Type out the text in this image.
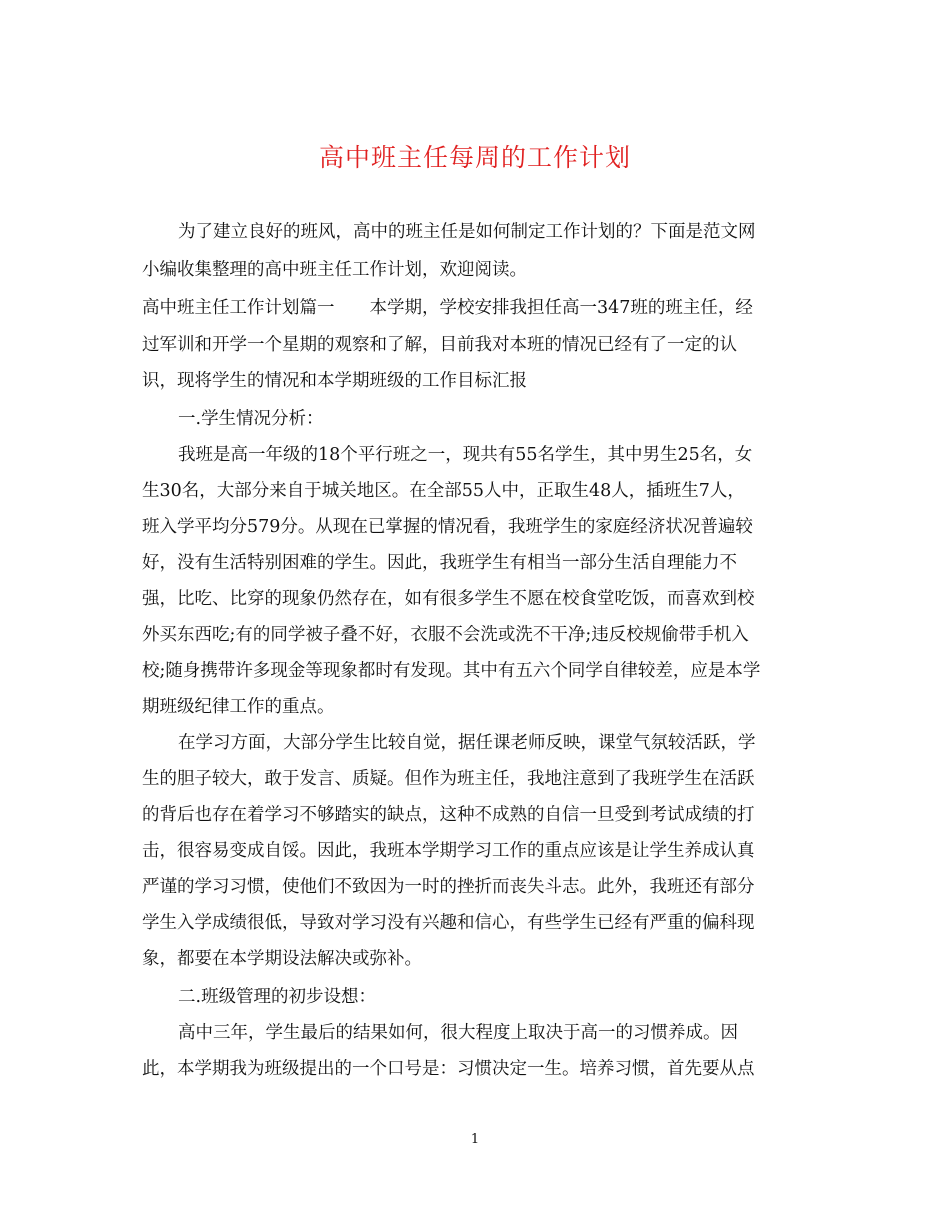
高中班主任每周的工作计划
为了建立良好的班风，高中的班主任是如何制定工作计划的？下面是范文网
小编收集整理的高中班主任工作计划，欢迎阅读。
高中班主任工作计划篇一　　本学期，学校安排我担任高一347班的班主任，经
过军训和开学一个星期的观察和了解，目前我对本班的情况已经有了一定的认
识，现将学生的情况和本学期班级的工作目标汇报
一.学生情况分析：
我班是高一年级的18个平行班之一，现共有55名学生，其中男生25名，女
生30名，大部分来自于城关地区。在全部55人中，正取生48人，插班生7人，
班入学平均分579分。从现在已掌握的情况看，我班学生的家庭经济状况普遍较
好，没有生活特别困难的学生。因此，我班学生有相当一部分生活自理能力不
强，比吃、比穿的现象仍然存在，如有很多学生不愿在校食堂吃饭，而喜欢到校
外买东西吃;有的同学被子叠不好，衣服不会洗或洗不干净;违反校规偷带手机入
校;随身携带许多现金等现象都时有发现。其中有五六个同学自律较差，应是本学
期班级纪律工作的重点。
在学习方面，大部分学生比较自觉，据任课老师反映，课堂气氛较活跃，学
生的胆子较大，敢于发言、质疑。但作为班主任，我地注意到了我班学生在活跃
的背后也存在着学习不够踏实的缺点，这种不成熟的自信一旦受到考试成绩的打
击，很容易变成自馁。因此，我班本学期学习工作的重点应该是让学生养成认真
严谨的学习习惯，使他们不致因为一时的挫折而丧失斗志。此外，我班还有部分
学生入学成绩很低，导致对学习没有兴趣和信心，有些学生已经有严重的偏科现
象，都要在本学期设法解决或弥补。
二.班级管理的初步设想：
高中三年，学生最后的结果如何，很大程度上取决于高一的习惯养成。因
此，本学期我为班级提出的一个口号是：习惯决定一生。培养习惯，首先要从点
1
